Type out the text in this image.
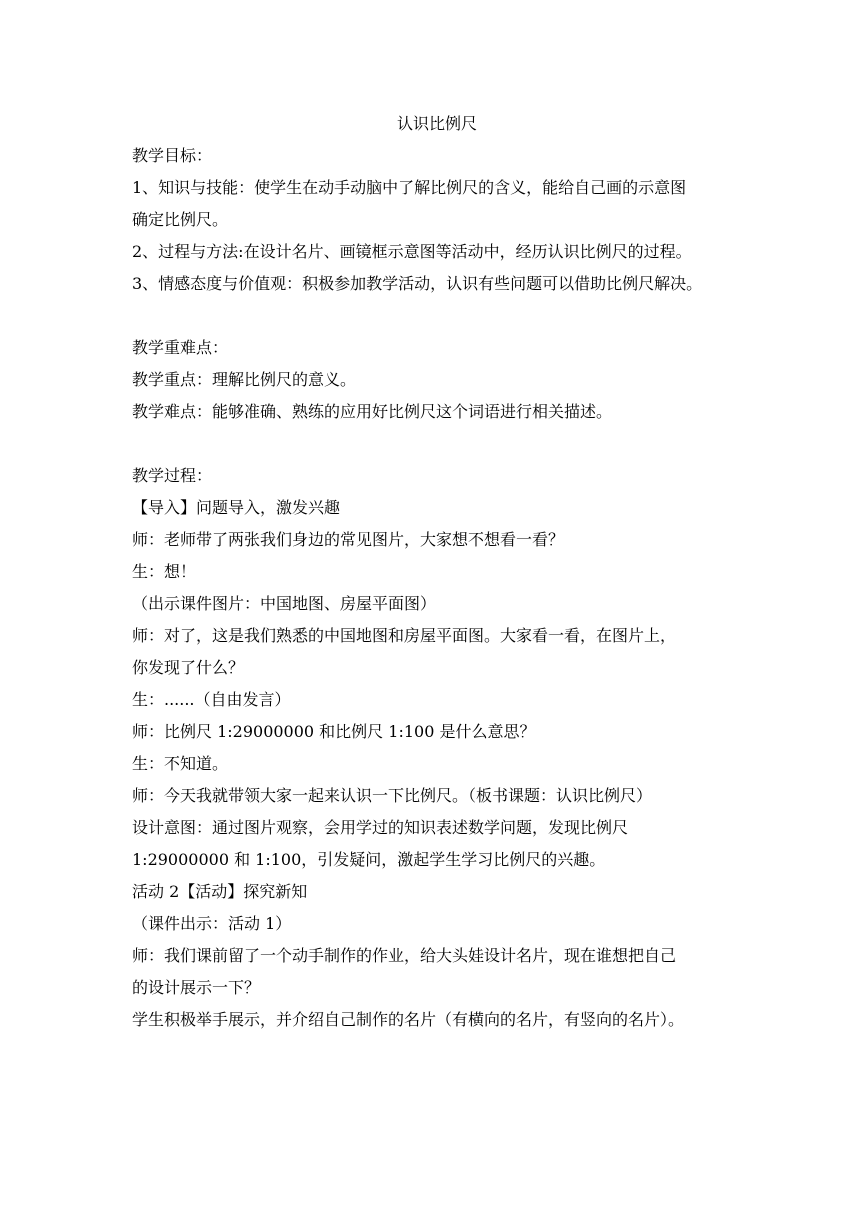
认识比例尺
教学目标：
1、知识与技能：使学生在动手动脑中了解比例尺的含义，能给自己画的示意图
确定比例尺。
2、过程与方法:在设计名片、画镜框示意图等活动中，经历认识比例尺的过程。
3、情感态度与价值观：积极参加教学活动，认识有些问题可以借助比例尺解决。
教学重难点：
教学重点：理解比例尺的意义。
教学难点：能够准确、熟练的应用好比例尺这个词语进行相关描述。
教学过程：
【导入】问题导入，激发兴趣
师：老师带了两张我们身边的常见图片，大家想不想看一看？
生：想！
（出示课件图片：中国地图、房屋平面图）
师：对了，这是我们熟悉的中国地图和房屋平面图。大家看一看，在图片上，
你发现了什么？
生：......（自由发言）
师：比例尺 1:29000000 和比例尺 1:100 是什么意思？
生：不知道。
师：今天我就带领大家一起来认识一下比例尺。（板书课题：认识比例尺）
设计意图：通过图片观察，会用学过的知识表述数学问题，发现比例尺
1:29000000 和 1:100，引发疑问，激起学生学习比例尺的兴趣。
活动 2【活动】探究新知
（课件出示：活动 1）
师：我们课前留了一个动手制作的作业，给大头娃设计名片，现在谁想把自己
的设计展示一下？
学生积极举手展示，并介绍自己制作的名片（有横向的名片，有竖向的名片）。
